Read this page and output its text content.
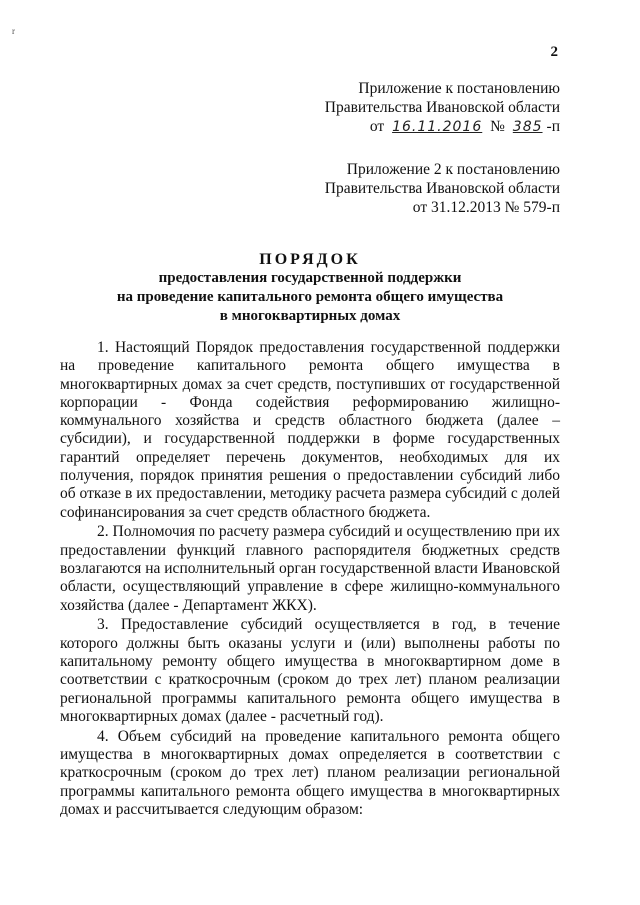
r
2
Приложение к постановлению
Правительства Ивановской области
от 16.11.2016 № 385 -п
Приложение 2 к постановлению
Правительства Ивановской области
от 31.12.2013 № 579-п
ПОРЯДОК
предоставления государственной поддержки
на проведение капитального ремонта общего имущества
в многоквартирных домах

1. Настоящий Порядок предоставления государственной поддержки на проведение капитального ремонта общего имущества в многоквартирных домах за счет средств, поступивших от государственной корпорации - Фонда содействия реформированию жилищно-коммунального хозяйства и средств областного бюджета (далее – субсидии), и государственной поддержки в форме государственных гарантий определяет перечень документов, необходимых для их получения, порядок принятия решения о предоставлении субсидий либо об отказе в их предоставлении, методику расчета размера субсидий с долей софинансирования за счет средств областного бюджета.

2. Полномочия по расчету размера субсидий и осуществлению при их предоставлении функций главного распорядителя бюджетных средств возлагаются на исполнительный орган государственной власти Ивановской области, осуществляющий управление в сфере жилищно-коммунального хозяйства (далее - Департамент ЖКХ).

3. Предоставление субсидий осуществляется в год, в течение которого должны быть оказаны услуги и (или) выполнены работы по капитальному ремонту общего имущества в многоквартирном доме в соответствии с краткосрочным (сроком до трех лет) планом реализации региональной программы капитального ремонта общего имущества в многоквартирных домах (далее - расчетный год).

4. Объем субсидий на проведение капитального ремонта общего имущества в многоквартирных домах определяется в соответствии с краткосрочным (сроком до трех лет) планом реализации региональной программы капитального ремонта общего имущества в многоквартирных домах и рассчитывается следующим образом:
